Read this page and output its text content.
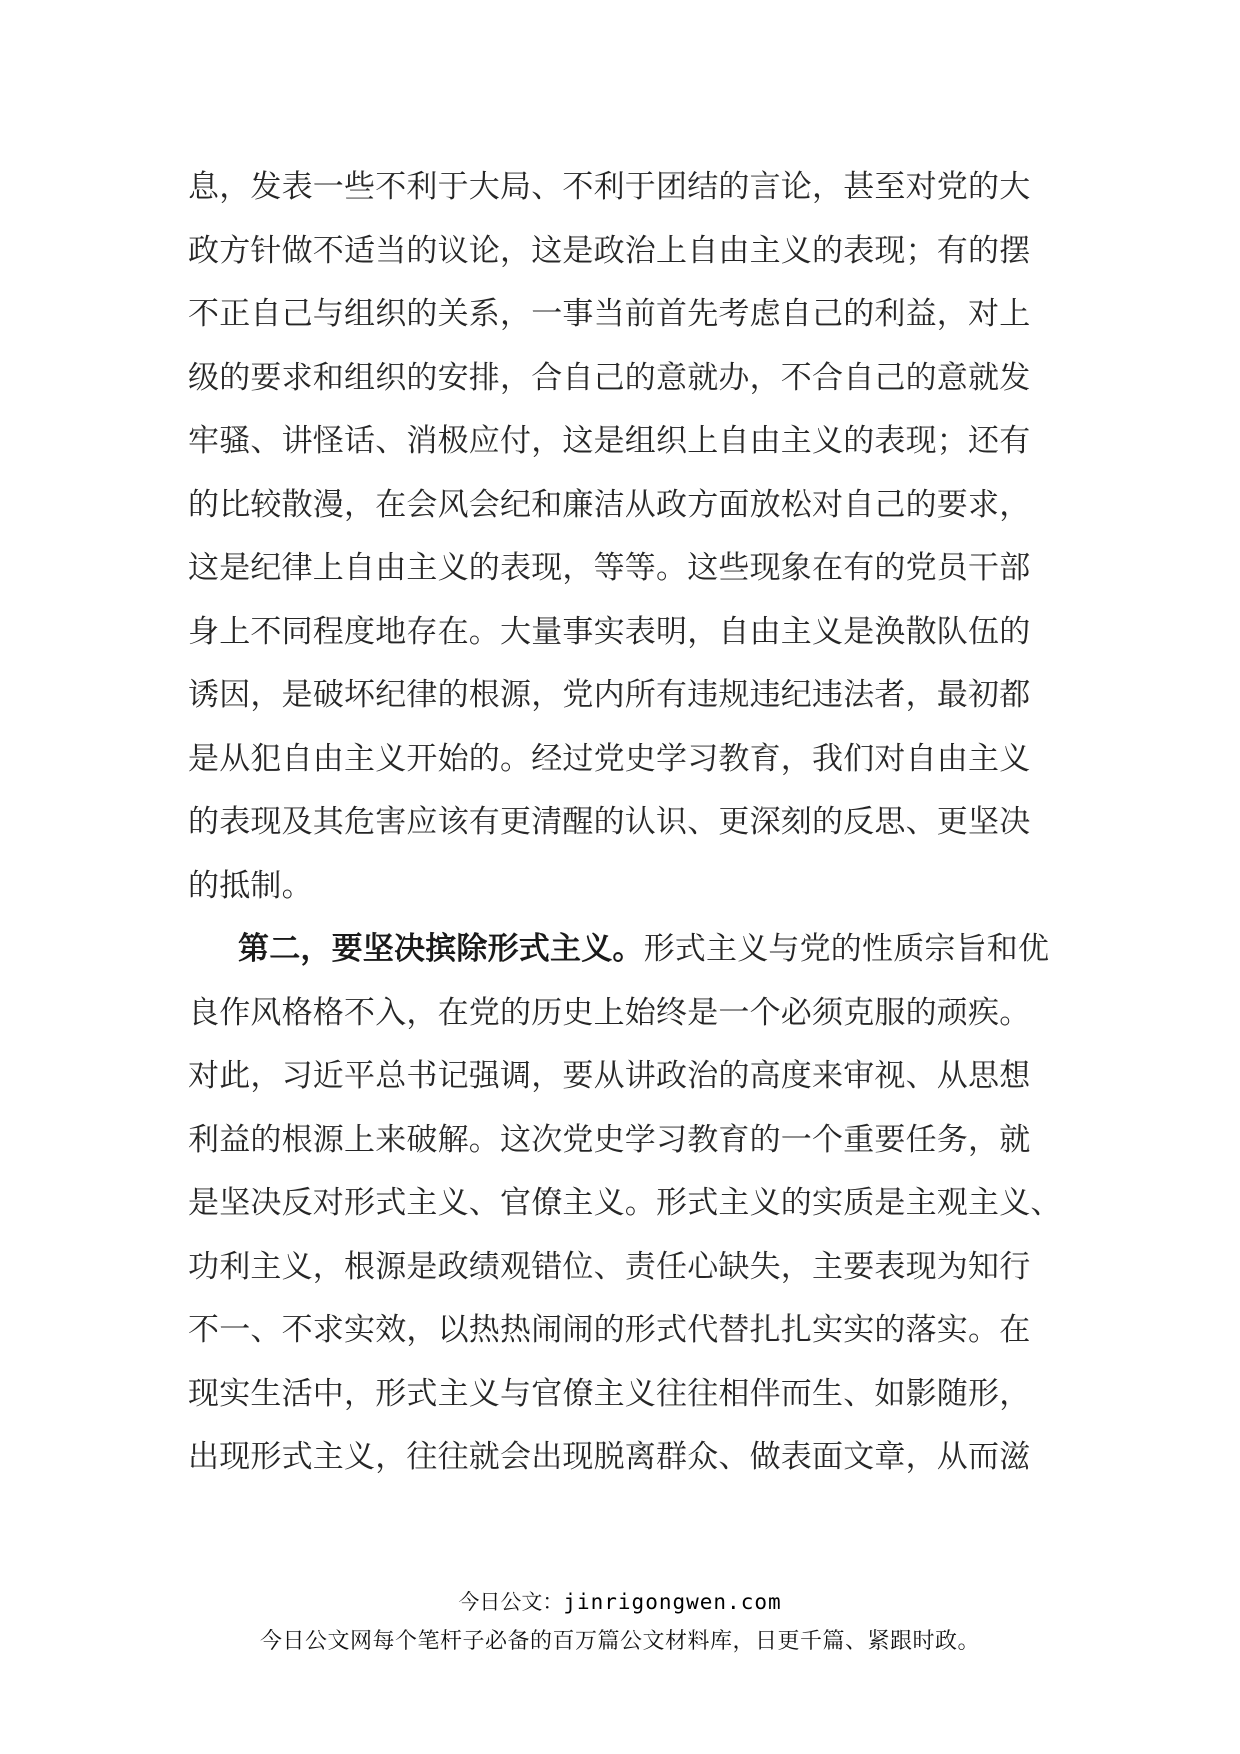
息，发表一些不利于大局、不利于团结的言论，甚至对党的大
政方针做不适当的议论，这是政治上自由主义的表现；有的摆
不正自己与组织的关系，一事当前首先考虑自己的利益，对上
级的要求和组织的安排，合自己的意就办，不合自己的意就发
牢骚、讲怪话、消极应付，这是组织上自由主义的表现；还有
的比较散漫，在会风会纪和廉洁从政方面放松对自己的要求，
这是纪律上自由主义的表现，等等。这些现象在有的党员干部
身上不同程度地存在。大量事实表明，自由主义是涣散队伍的
诱因，是破坏纪律的根源，党内所有违规违纪违法者，最初都
是从犯自由主义开始的。经过党史学习教育，我们对自由主义
的表现及其危害应该有更清醒的认识、更深刻的反思、更坚决
的抵制。
第二，要坚决摈除形式主义。形式主义与党的性质宗旨和优
良作风格格不入，在党的历史上始终是一个必须克服的顽疾。
对此，习近平总书记强调，要从讲政治的高度来审视、从思想
利益的根源上来破解。这次党史学习教育的一个重要任务，就
是坚决反对形式主义、官僚主义。形式主义的实质是主观主义、
功利主义，根源是政绩观错位、责任心缺失，主要表现为知行
不一、不求实效，以热热闹闹的形式代替扎扎实实的落实。在
现实生活中，形式主义与官僚主义往往相伴而生、如影随形，
出现形式主义，往往就会出现脱离群众、做表面文章，从而滋
今日公文：jinrigongwen.com
今日公文网每个笔杆子必备的百万篇公文材料库，日更千篇、紧跟时政。
